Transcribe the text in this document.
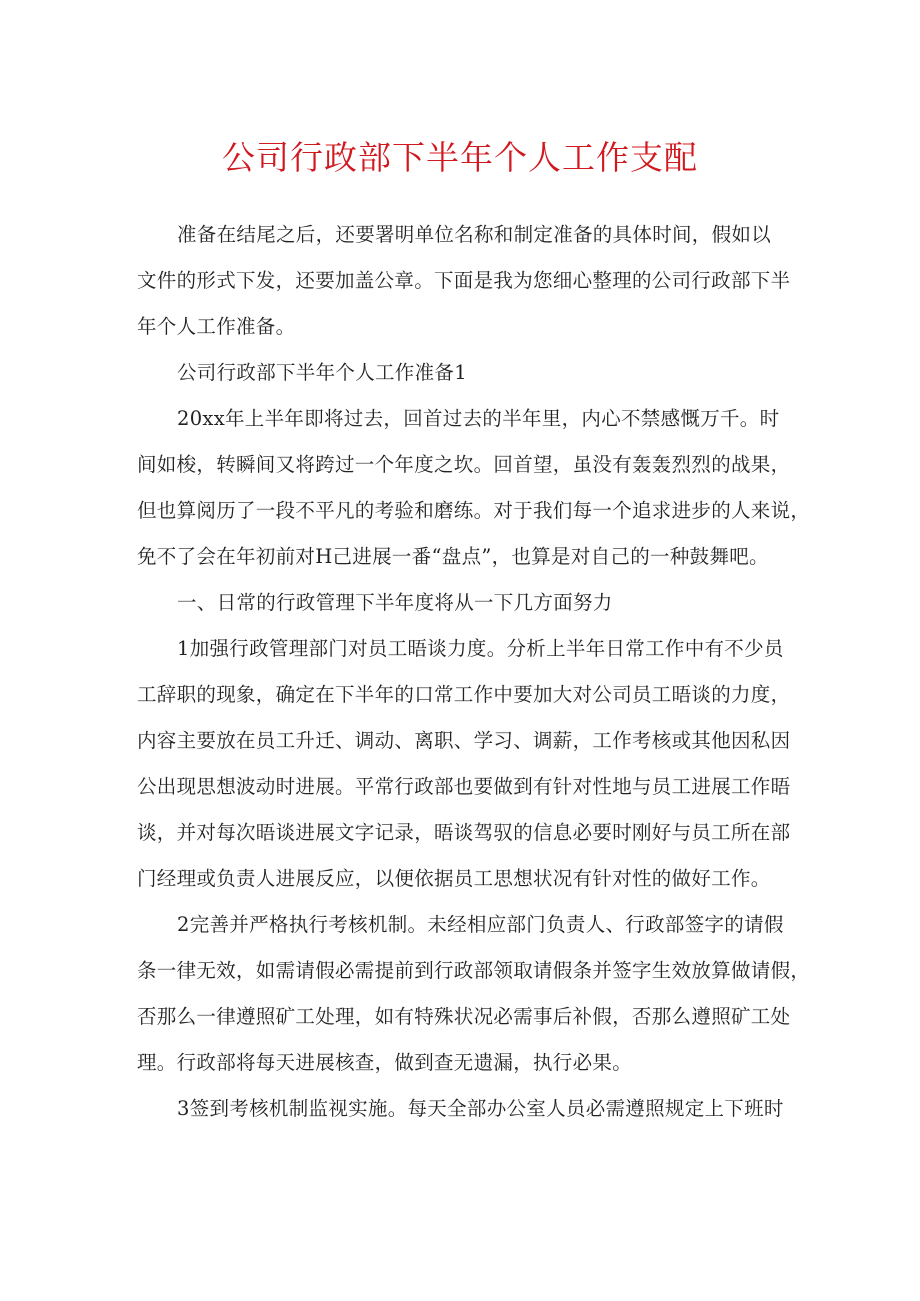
公司行政部下半年个人工作支配
准备在结尾之后，还要署明单位名称和制定准备的具体时间，假如以
文件的形式下发，还要加盖公章。下面是我为您细心整理的公司行政部下半
年个人工作准备。
公司行政部下半年个人工作准备1
20xx年上半年即将过去，回首过去的半年里，内心不禁感慨万千。时
间如梭，转瞬间又将跨过一个年度之坎。回首望，虽没有轰轰烈烈的战果，
但也算阅历了一段不平凡的考验和磨练。对于我们每一个追求进步的人来说，
免不了会在年初前对H己进展一番“盘点”，也算是对自己的一种鼓舞吧。
一、日常的行政管理下半年度将从一下几方面努力
1加强行政管理部门对员工晤谈力度。分析上半年日常工作中有不少员
工辞职的现象，确定在下半年的口常工作中要加大对公司员工晤谈的力度，
内容主要放在员工升迁、调动、离职、学习、调薪，工作考核或其他因私因
公出现思想波动时进展。平常行政部也要做到有针对性地与员工进展工作晤
谈，并对每次晤谈进展文字记录，晤谈驾驭的信息必要时刚好与员工所在部
门经理或负责人进展反应，以便依据员工思想状况有针对性的做好工作。
2完善并严格执行考核机制。未经相应部门负责人、行政部签字的请假
条一律无效，如需请假必需提前到行政部领取请假条并签字生效放算做请假，
否那么一律遵照矿工处理，如有特殊状况必需事后补假，否那么遵照矿工处
理。行政部将每天进展核查，做到查无遗漏，执行必果。
3签到考核机制监视实施。每天全部办公室人员必需遵照规定上下班时
